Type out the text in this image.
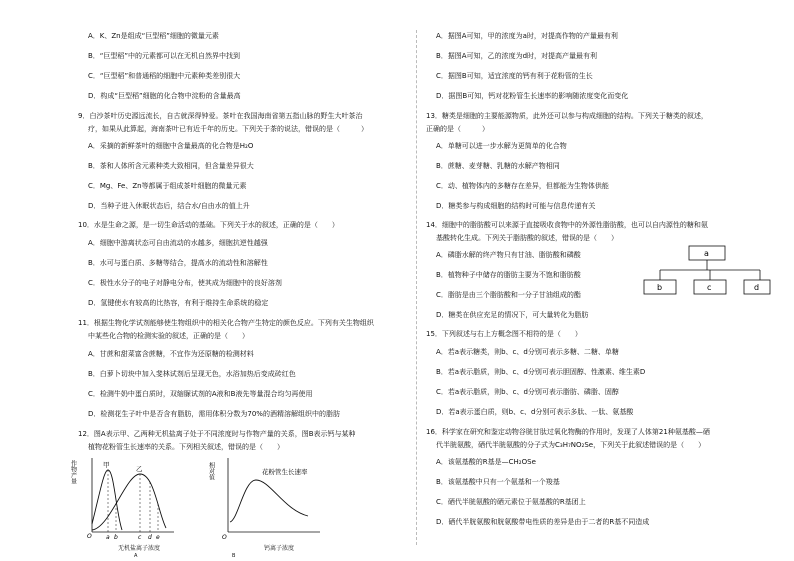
A．K、Zn是组成“巨型稻”细胞的微量元素
B．“巨型稻”中的元素都可以在无机自然界中找到
C．“巨型稻”和普通稻的细胞中元素种类差别很大
D．构成“巨型稻”细胞的化合物中淀粉的含量最高
9．白沙茶叶历史源远流长，自古就深得钟爱。茶叶在我国海南省第五指山脉的野生大叶茶治
疗，如果从此算起，海南茶叶已有近千年的历史。下列关于茶的说法，错误的是（　　　）
A．采摘的新鲜茶叶的细胞中含量最高的化合物是H₂O
B．茶和人体所含元素种类大致相同，但含量差异很大
C．Mg、Fe、Zn等都属于组成茶叶细胞的微量元素
D．当种子进入休眠状态后，结合水/自由水的值上升
10．水是生命之源，是一切生命活动的基础。下列关于水的叙述，正确的是（　　）
A．细胞中游离状态可自由流动的水越多，细胞抗逆性越强
B．水可与蛋白质、多糖等结合，提高水的流动性和溶解性
C．极性水分子的电子对静电分布，使其成为细胞中的良好溶剂
D．氢键使水有较高的比热容，有利于维持生命系统的稳定
11．根据生物化学试剂能够使生物组织中的相关化合物产生特定的颜色反应。下列有关生物组织
中某些化合物的检测实验的叙述，正确的是（　　）
A．甘蔗和甜菜富含蔗糖，不宜作为还原糖的检测材料
B．白萝卜切块中加入斐林试剂后呈现无色，水浴加热后变成砖红色
C．检测牛奶中蛋白质时，双缩脲试剂的A液和B液先等量混合均匀再使用
D．检测花生子叶中是否含有脂肪，需用体积分数为70%的酒精溶解组织中的脂肪
12．图A表示甲、乙两种无机盐离子处于不同浓度时与作物产量的关系，图B表示钙与某种
植物花粉管生长速率的关系。下列相关叙述，错误的是（　　）
作物产量	甲	乙
O a b	c d e
无机盐离子浓度
A
相对值	花粉管生长速率
O
钙离子浓度
B
A．据图A可知，甲的浓度为a时，对提高作物的产量最有利
B．据图A可知，乙的浓度为d时，对提高产量最有利
C．据图B可知，适宜浓度的钙有利于花粉管的生长
D．据图B可知，钙对花粉管生长速率的影响随浓度变化而变化
13．糖类是细胞的主要能源物质，此外还可以参与构成细胞的结构。下列关于糖类的叙述，
正确的是（　　　）
A．单糖可以进一步水解为更简单的化合物
B．蔗糖、麦芽糖、乳糖的水解产物相同
C．动、植物体内的多糖存在差异，但都能为生物体供能
D．糖类参与构成细胞的结构时可能与信息传递有关
14．细胞中的脂肪酸可以来源于直接吸收食物中的外源性脂肪酸，也可以自内源性的糖和氨
基酸转化生成。下列关于脂肪酸的叙述，错误的是（　　）
A．磷脂水解的终产物只有甘油、脂肪酸和磷酸
B．植物种子中储存的脂肪主要为不饱和脂肪酸
C．脂肪是由三个脂肪酸和一分子甘油组成的酯
D．糖类在供应充足的情况下，可大量转化为脂肪
a
b	c	d
15．下列叙述与右上方概念图不相符的是（　　）
A．若a表示糖类，则b、c、d分别可表示多糖、二糖、单糖
B．若a表示脂质，则b、c、d分别可表示胆固醇、性激素、维生素D
C．若a表示脂质，则b、c、d分别可表示脂肪、磷脂、固醇
D．若a表示蛋白质，则b、c、d分别可表示多肽、一肽、氨基酸
16．科学家在研究和鉴定动物谷胱甘肽过氧化物酶的作用时，发现了人体第21种氨基酸—硒
代半胱氨酸，硒代半胱氨酸的分子式为C₃H₇NO₂Se，下列关于此叙述错误的是（　　）
A．该氨基酸的R基是—CH₂OSe
B．该氨基酸中只有一个氨基和一个羧基
C．硒代半胱氨酸的硒元素位于氨基酸的R基团上
D．硒代半胱氨酸和胱氨酸带电性质的差异是由于二者的R基不同造成
